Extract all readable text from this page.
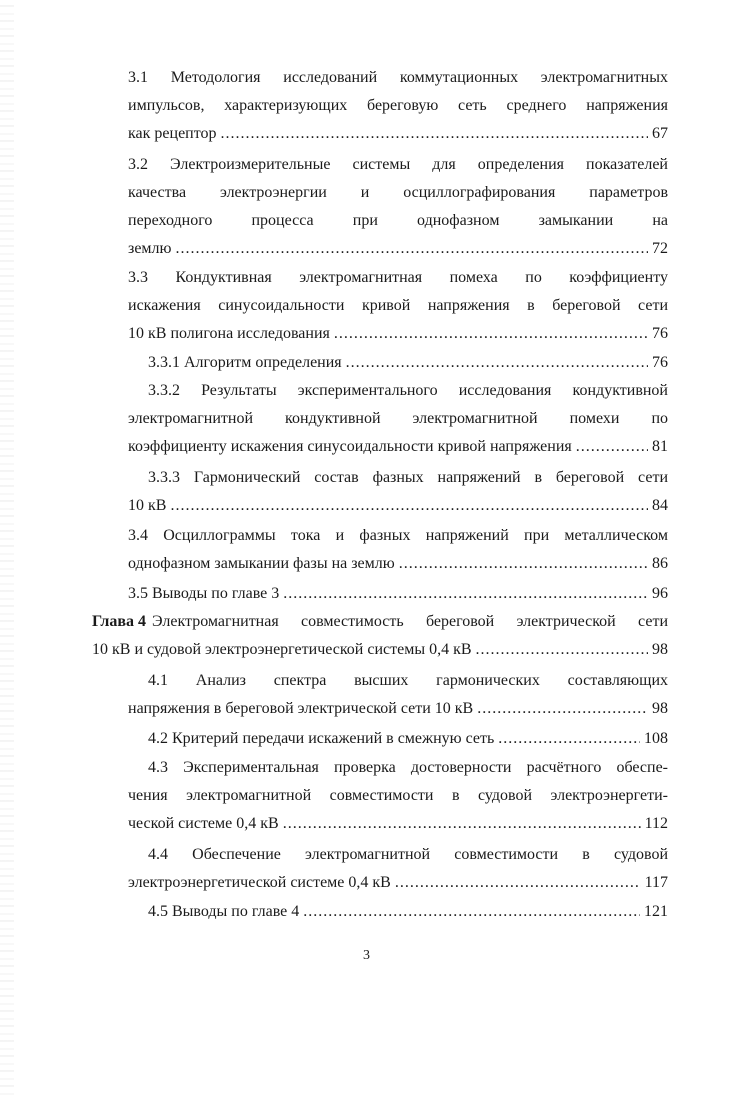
3.1 Методология исследований коммутационных электромагнитных
импульсов, характеризующих береговую сеть среднего напряжения
как рецептор .....	67
3.2 Электроизмерительные системы для определения показателей
качества электроэнергии и осциллографирования параметров
переходного процесса при однофазном замыкании на
землю .....	72
3.3 Кондуктивная электромагнитная помеха по коэффициенту
искажения синусоидальности кривой напряжения в береговой сети
10 кВ полигона исследования .....	76
3.3.1 Алгоритм определения .....	76
3.3.2 Результаты экспериментального исследования кондуктивной
электромагнитной кондуктивной электромагнитной помехи по
коэффициенту искажения синусоидальности кривой напряжения .....	81
3.3.3 Гармонический состав фазных напряжений в береговой сети
10 кВ .....	84
3.4 Осциллограммы тока и фазных напряжений при металлическом
однофазном замыкании фазы на землю .....	86
3.5 Выводы по главе 3 .....	96
Глава 4 Электромагнитная совместимость береговой электрической сети
10 кВ и судовой электроэнергетической системы 0,4 кВ .....	98
4.1 Анализ спектра высших гармонических составляющих
напряжения в береговой электрической сети 10 кВ .....	98
4.2 Критерий передачи искажений в смежную сеть .....	108
4.3 Экспериментальная проверка достоверности расчётного обеспе-
чения электромагнитной совместимости в судовой электроэнергети-
ческой системе 0,4 кВ .....	112
4.4 Обеспечение электромагнитной совместимости в судовой
электроэнергетической системе 0,4 кВ .....	117
4.5 Выводы по главе 4 .....	121
3
